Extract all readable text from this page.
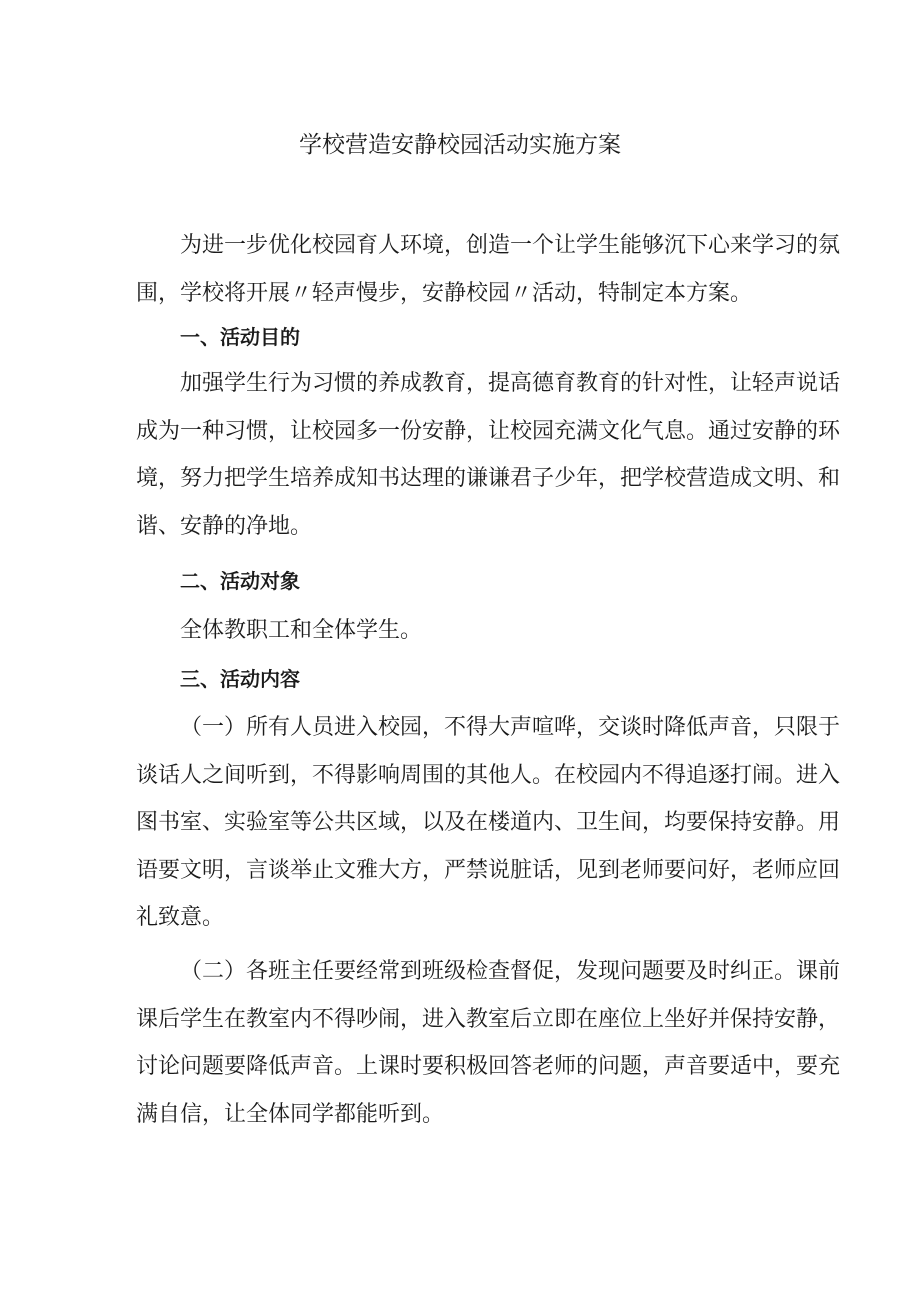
学校营造安静校园活动实施方案

为进一步优化校园育人环境，创造一个让学生能够沉下心来学习的氛
围，学校将开展〃轻声慢步，安静校园〃活动，特制定本方案。

一、活动目的

加强学生行为习惯的养成教育，提高德育教育的针对性，让轻声说话
成为一种习惯，让校园多一份安静，让校园充满文化气息。通过安静的环
境，努力把学生培养成知书达理的谦谦君子少年，把学校营造成文明、和
谐、安静的净地。

二、活动对象

全体教职工和全体学生。

三、活动内容

（一）所有人员进入校园，不得大声喧哗，交谈时降低声音，只限于
谈话人之间听到，不得影响周围的其他人。在校园内不得追逐打闹。进入
图书室、实验室等公共区域，以及在楼道内、卫生间，均要保持安静。用
语要文明，言谈举止文雅大方，严禁说脏话，见到老师要问好，老师应回
礼致意。

（二）各班主任要经常到班级检查督促，发现问题要及时纠正。课前
课后学生在教室内不得吵闹，进入教室后立即在座位上坐好并保持安静，
讨论问题要降低声音。上课时要积极回答老师的问题，声音要适中，要充
满自信，让全体同学都能听到。
